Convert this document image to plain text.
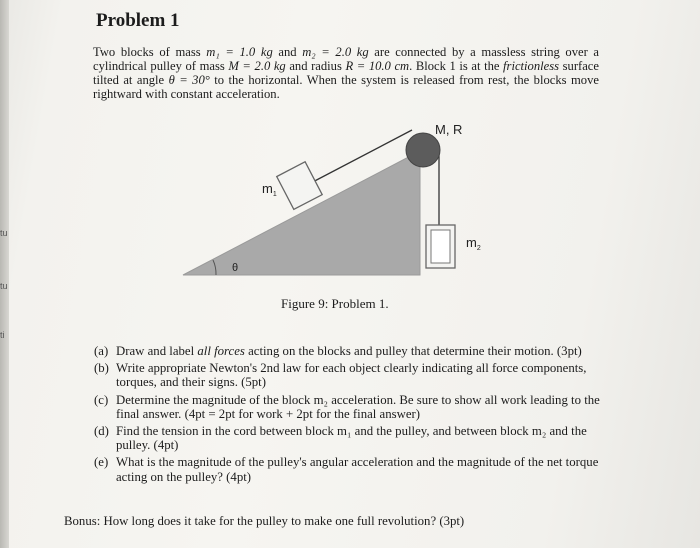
tu
tu
ti
Problem 1

Two blocks of mass m₁ = 1.0 kg and m₂ = 2.0 kg are connected by a massless string over a cylindrical pulley of mass M = 2.0 kg and radius R = 10.0 cm. Block 1 is at the frictionless surface tilted at angle θ = 30° to the horizontal. When the system is released from rest, the blocks move rightward with constant acceleration.

θ
M, R
$m_1$
$m_2$

Figure 9: Problem 1.

(a) Draw and label all forces acting on the blocks and pulley that determine their motion. (3pt)
(b) Write appropriate Newton's 2nd law for each object clearly indicating all force components, torques, and their signs. (5pt)
(c) Determine the magnitude of the block m₂ acceleration. Be sure to show all work leading to the final answer. (4pt = 2pt for work + 2pt for the final answer)
(d) Find the tension in the cord between block m₁ and the pulley, and between block m₂ and the pulley. (4pt)
(e) What is the magnitude of the pulley's angular acceleration and the magnitude of the net torque acting on the pulley? (4pt)

Bonus: How long does it take for the pulley to make one full revolution? (3pt)
